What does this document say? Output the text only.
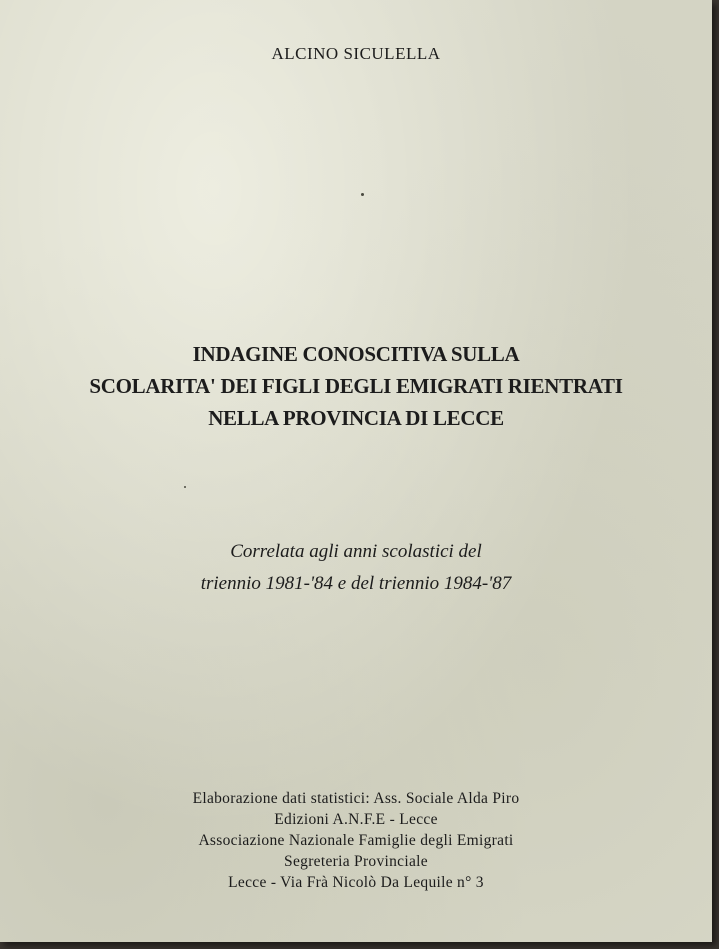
ALCINO SICULELLA
INDAGINE CONOSCITIVA SULLA
SCOLARITA' DEI FIGLI DEGLI EMIGRATI RIENTRATI
NELLA PROVINCIA DI LECCE
Correlata agli anni scolastici del
triennio 1981-'84 e del triennio 1984-'87
Elaborazione dati statistici: Ass. Sociale Alda Piro
Edizioni A.N.F.E - Lecce
Associazione Nazionale Famiglie degli Emigrati
Segreteria Provinciale
Lecce - Via Frà Nicolò Da Lequile n° 3
